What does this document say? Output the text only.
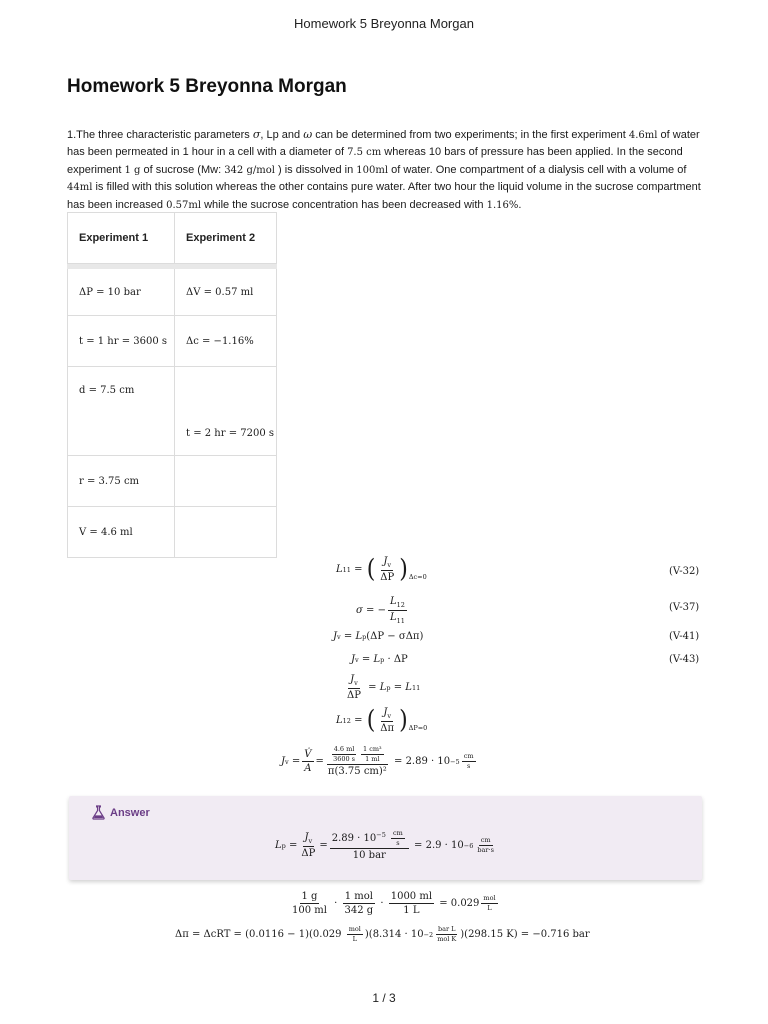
Homework 5 Breyonna Morgan
Homework 5 Breyonna Morgan

1.The three characteristic parameters σ, Lp and ω can be determined from two experiments; in the first experiment 4.6ml of water has been permeated in 1 hour in a cell with a diameter of 7.5 cm whereas 10 bars of pressure has been applied. In the second experiment 1 g of sucrose (Mw: 342 g/mol ) is dissolved in 100ml of water. One compartment of a dialysis cell with a volume of 44ml is filled with this solution whereas the other contains pure water. After two hour the liquid volume in the sucrose compartment has been increased 0.57ml while the sucrose concentration has been decreased with 1.16%.

Experiment 1	Experiment 2

ΔP = 10 bar	ΔV = 0.57 ml
t = 1 hr = 3600 s	Δc = −1.16%
d = 7.5 cm	t = 2 hr = 7200 s
r = 3.75 cm	
V = 4.6 ml	
L 11
=
( $\frac{J_v}{\Delta P} )_{\Delta c=0}$	(V-32)
σ
=
− $\frac{L_{12}}{L_{11}}$	(V-37)
J v
=
L p (ΔP − σΔπ)	(V-41)
J v
=
L p
· ΔP	(V-43)
$\frac{J_v}{\Delta P}$
=
L p
=
L 11
L 12
=
( $\frac{J_v}{\Delta\pi} )_{\Delta P=0}$
J v
= $\frac{V̇}{A} = \frac{\frac{4.6 ml}{3600 s} \frac{\text{1 cm³}}{1 ml}}{\text{π(3.75 cm)²}}$
= $2.89 \cdot 10 -5 \frac{cm}{s}$
Answer
L p
= $\frac{J_v}{\Delta P} = \frac{2.89 \cdot 10^{-5} \frac{cm}{s}}{\text{10 bar}}$
= $2.9 \cdot 10 -6 \frac{cm}{\text{bar·s}}$
$\frac{1 g}{100 ml} \cdot \frac{\text{1 mol}}{342 g} \cdot \frac{1000 ml}{1 L}$
= $0.029 \frac{\text{mol}}{L}$
Δπ = ΔcRT = (0.0116 − 1)(0.029
$\frac{\text{mol}}{L} )(8.314 \cdot 10 -2 \frac{\text{bar L}}{\text{mol K}} )(298.15$ K) = −0.716 bar
1 / 3
